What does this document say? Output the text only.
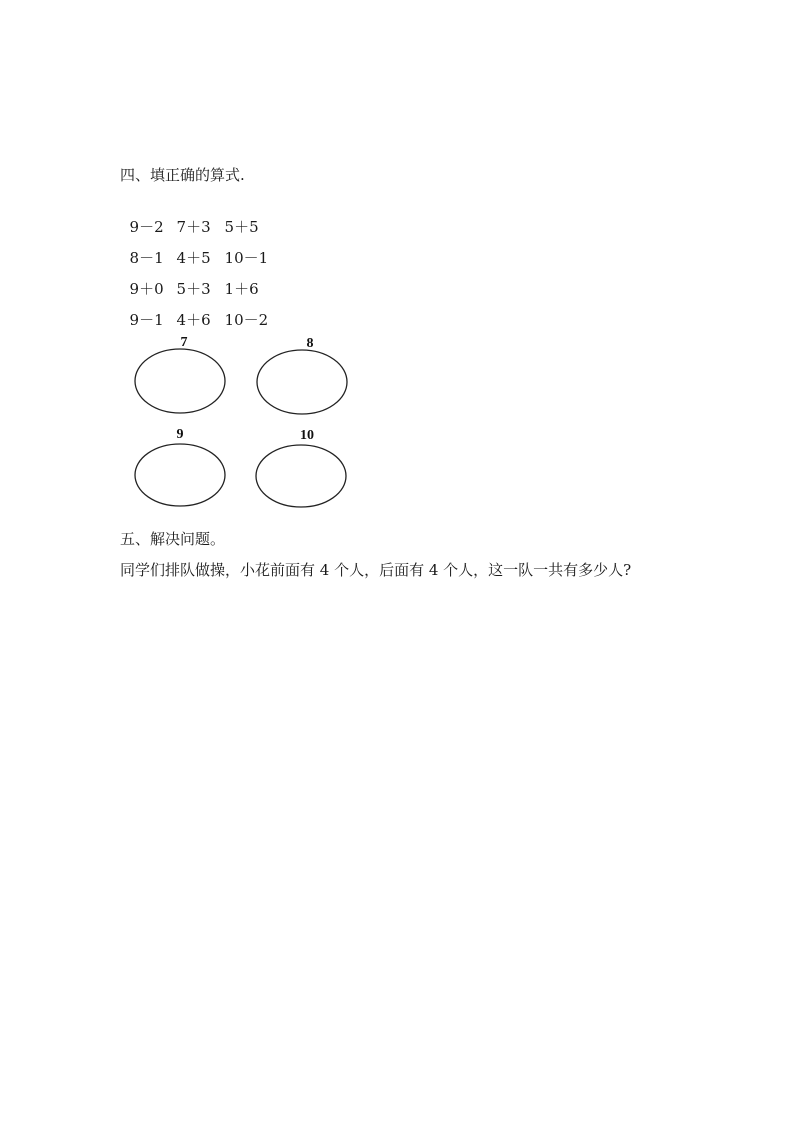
四、填正确的算式.

9－2 7＋3 5＋5

8－1 4＋5 10－1

9＋0 5＋3 1＋6

9－1 4＋6 10－2

7	8
9	10
五、解决问题。
同学们排队做操，小花前面有 4 个人，后面有 4 个人，这一队一共有多少人?
